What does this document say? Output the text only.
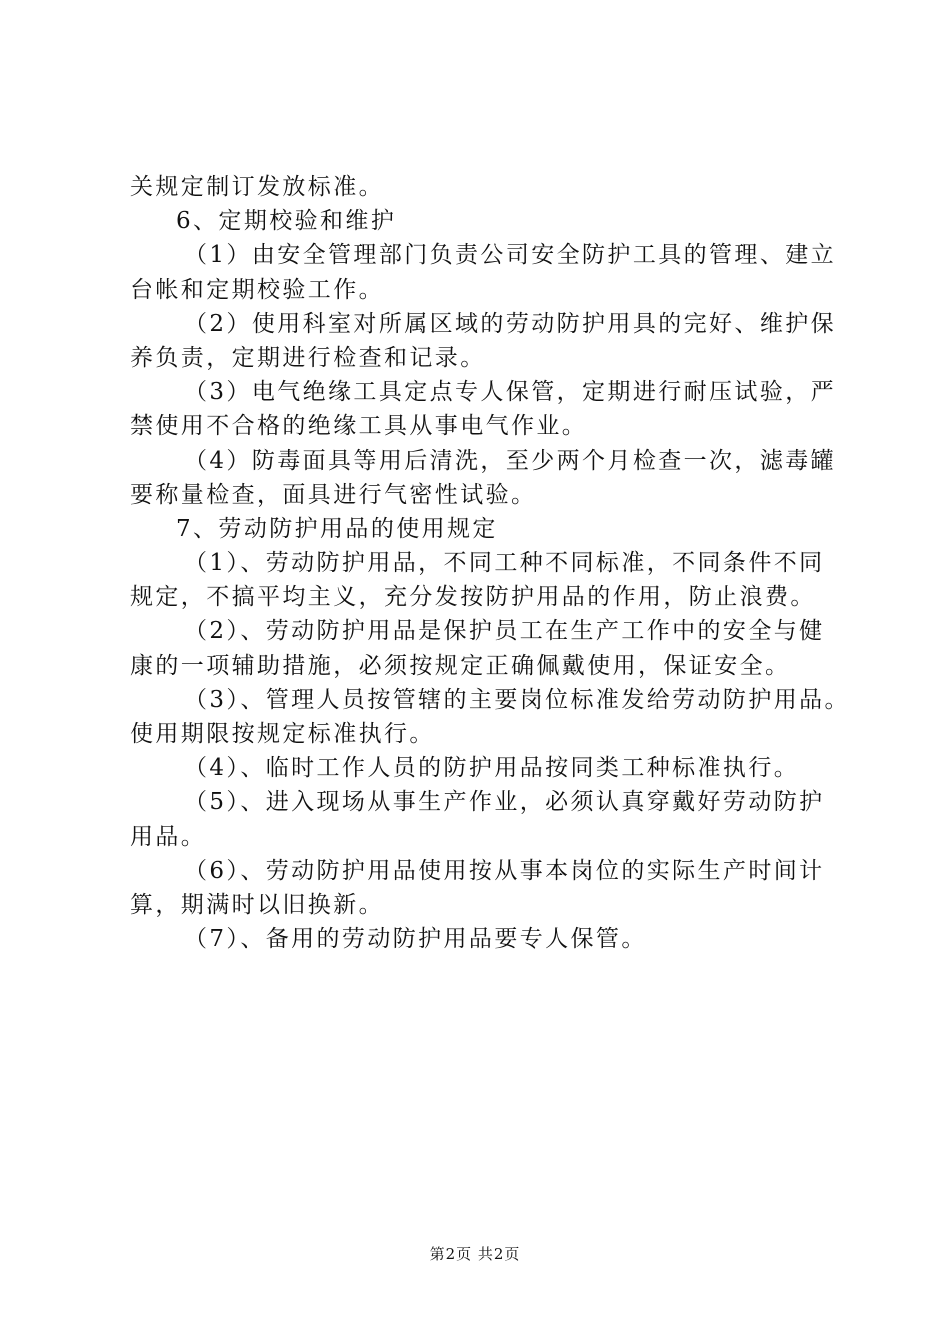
关规定制订发放标准。
6、定期校验和维护
（1）由安全管理部门负责公司安全防护工具的管理、建立
台帐和定期校验工作。
（2）使用科室对所属区域的劳动防护用具的完好、维护保
养负责，定期进行检查和记录。
（3）电气绝缘工具定点专人保管，定期进行耐压试验，严
禁使用不合格的绝缘工具从事电气作业。
（4）防毒面具等用后清洗，至少两个月检查一次，滤毒罐
要称量检查，面具进行气密性试验。
7、劳动防护用品的使用规定
（1）、劳动防护用品，不同工种不同标准，不同条件不同
规定，不搞平均主义，充分发按防护用品的作用，防止浪费。
（2）、劳动防护用品是保护员工在生产工作中的安全与健
康的一项辅助措施，必须按规定正确佩戴使用，保证安全。
（3）、管理人员按管辖的主要岗位标准发给劳动防护用品。
使用期限按规定标准执行。
（4）、临时工作人员的防护用品按同类工种标准执行。
（5）、进入现场从事生产作业，必须认真穿戴好劳动防护
用品。
（6）、劳动防护用品使用按从事本岗位的实际生产时间计
算，期满时以旧换新。
（7）、备用的劳动防护用品要专人保管。
第2页 共2页
